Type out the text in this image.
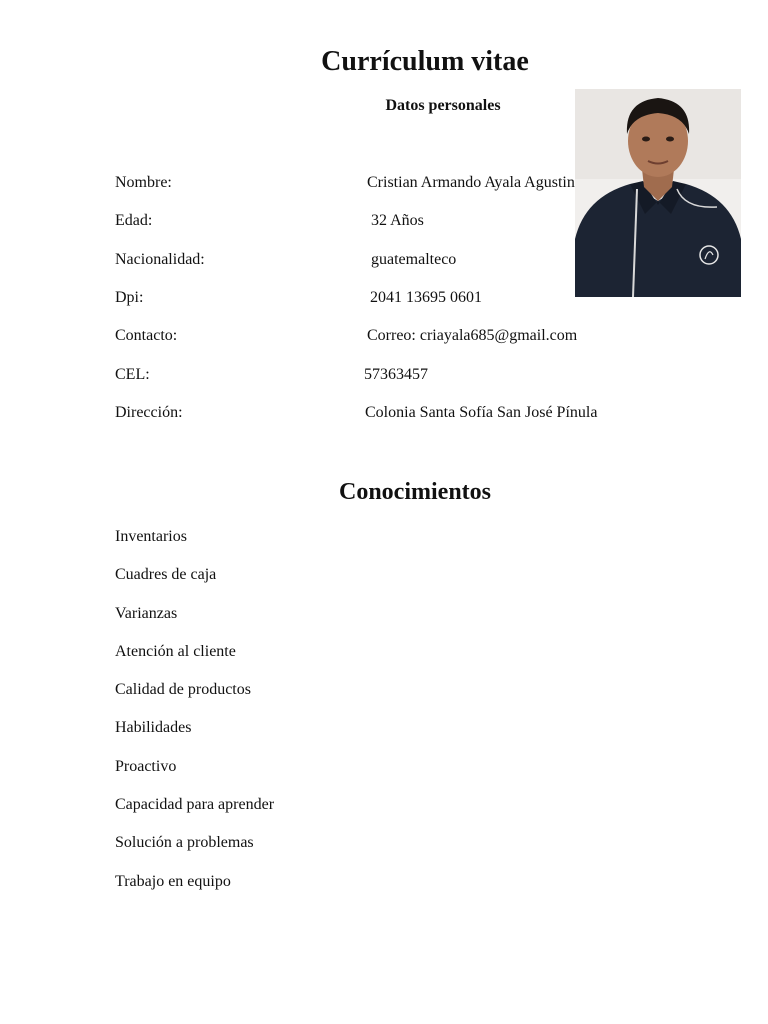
Currículum vitae
Datos personales
Nombre:	Cristian Armando Ayala Agustin
Edad:	32 Años
Nacionalidad:	guatemalteco
Dpi:	2041 13695 0601
Contacto:	Correo: criayala685@gmail.com
CEL:	57363457
Dirección:	Colonia Santa Sofía San José Pínula
Conocimientos
Inventarios
Cuadres de caja
Varianzas
Atención al cliente
Calidad de productos
Habilidades
Proactivo
Capacidad para aprender
Solución a problemas
Trabajo en equipo
